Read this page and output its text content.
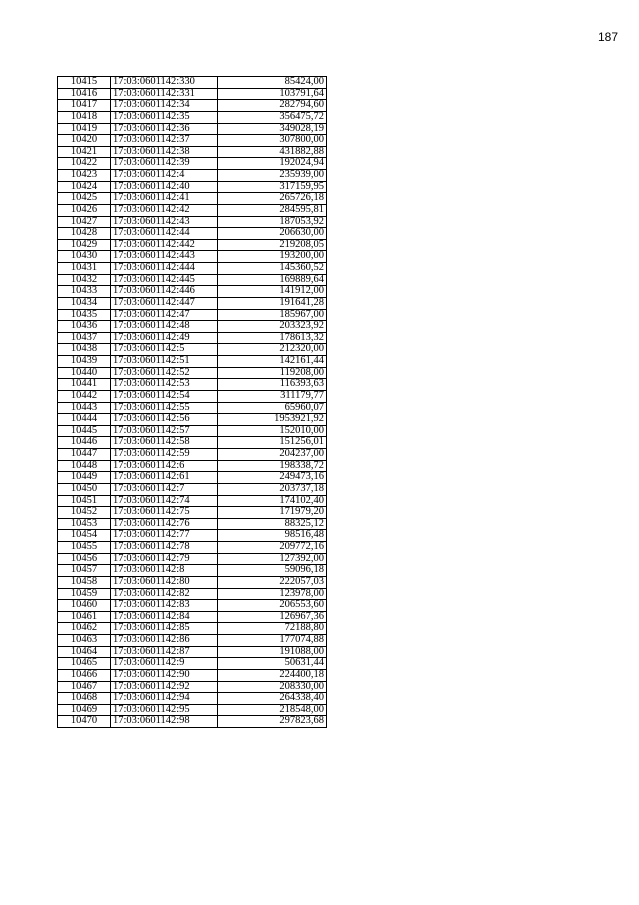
187
10415	17:03:0601142:330	85424,00
10416	17:03:0601142:331	103791,64
10417	17:03:0601142:34	282794,60
10418	17:03:0601142:35	356475,72
10419	17:03:0601142:36	349028,19
10420	17:03:0601142:37	307800,00
10421	17:03:0601142:38	431882,88
10422	17:03:0601142:39	192024,94
10423	17:03:0601142:4	235939,00
10424	17:03:0601142:40	317159,95
10425	17:03:0601142:41	265726,18
10426	17:03:0601142:42	284595,81
10427	17:03:0601142:43	187053,92
10428	17:03:0601142:44	206630,00
10429	17:03:0601142:442	219208,05
10430	17:03:0601142:443	193200,00
10431	17:03:0601142:444	145360,52
10432	17:03:0601142:445	169889,64
10433	17:03:0601142:446	141912,00
10434	17:03:0601142:447	191641,28
10435	17:03:0601142:47	185967,00
10436	17:03:0601142:48	203323,92
10437	17:03:0601142:49	178613,32
10438	17:03:0601142:5	212320,00
10439	17:03:0601142:51	142161,44
10440	17:03:0601142:52	119208,00
10441	17:03:0601142:53	116393,63
10442	17:03:0601142:54	311179,77
10443	17:03:0601142:55	65960,07
10444	17:03:0601142:56	1953921,92
10445	17:03:0601142:57	152010,00
10446	17:03:0601142:58	151256,01
10447	17:03:0601142:59	204237,00
10448	17:03:0601142:6	198338,72
10449	17:03:0601142:61	249473,16
10450	17:03:0601142:7	203737,18
10451	17:03:0601142:74	174102,40
10452	17:03:0601142:75	171979,20
10453	17:03:0601142:76	88325,12
10454	17:03:0601142:77	98516,48
10455	17:03:0601142:78	209772,16
10456	17:03:0601142:79	127392,00
10457	17:03:0601142:8	59096,18
10458	17:03:0601142:80	222057,03
10459	17:03:0601142:82	123978,00
10460	17:03:0601142:83	206553,60
10461	17:03:0601142:84	126967,36
10462	17:03:0601142:85	72188,80
10463	17:03:0601142:86	177074,88
10464	17:03:0601142:87	191088,00
10465	17:03:0601142:9	50631,44
10466	17:03:0601142:90	224400,18
10467	17:03:0601142:92	208330,00
10468	17:03:0601142:94	264338,40
10469	17:03:0601142:95	218548,00
10470	17:03:0601142:98	297823,68
